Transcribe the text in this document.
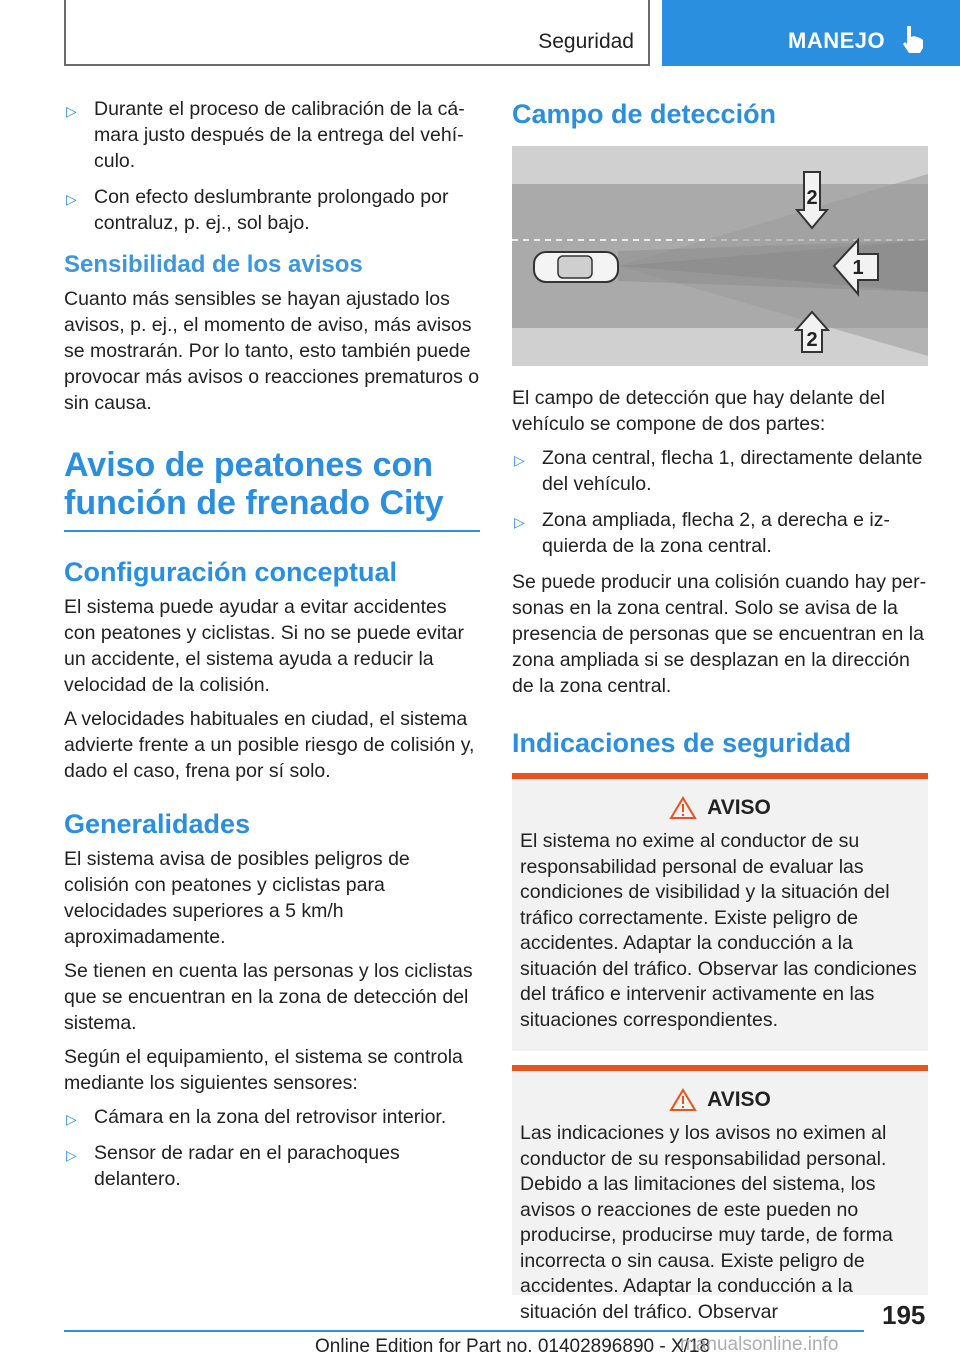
Seguridad	MANEJO
▷ Durante el proceso de calibración de la cámara justo después de la entrega del vehículo.
▷ Con efecto deslumbrante prolongado por contraluz, p. ej., sol bajo.
Sensibilidad de los avisos

Cuanto más sensibles se hayan ajustado los avisos, p. ej., el momento de aviso, más avisos se mostrarán. Por lo tanto, esto también puede provocar más avisos o reacciones prematuros o sin causa.

Aviso de peatones con función de frenado City
Configuración conceptual

El sistema puede ayudar a evitar accidentes con peatones y ciclistas. Si no se puede evitar un accidente, el sistema ayuda a reducir la velocidad de la colisión.

A velocidades habituales en ciudad, el sistema advierte frente a un posible riesgo de colisión y, dado el caso, frena por sí solo.

Generalidades

El sistema avisa de posibles peligros de colisión con peatones y ciclistas para velocidades superiores a 5 km/h aproximadamente.

Se tienen en cuenta las personas y los ciclistas que se encuentran en la zona de detección del sistema.

Según el equipamiento, el sistema se controla mediante los siguientes sensores:

▷ Cámara en la zona del retrovisor interior.
▷ Sensor de radar en el parachoques delantero.
Campo de detección
2
1
2

El campo de detección que hay delante del vehículo se compone de dos partes:

▷ Zona central, flecha 1, directamente delante del vehículo.
▷ Zona ampliada, flecha 2, a derecha e izquierda de la zona central.

Se puede producir una colisión cuando hay personas en la zona central. Solo se avisa de la presencia de personas que se encuentran en la zona ampliada si se desplazan en la dirección de la zona central.

Indicaciones de seguridad
AVISO

El sistema no exime al conductor de su responsabilidad personal de evaluar las condiciones de visibilidad y la situación del tráfico correctamente. Existe peligro de accidentes. Adaptar la conducción a la situación del tráfico. Observar las condiciones del tráfico e intervenir activamente en las situaciones correspondientes.

AVISO

Las indicaciones y los avisos no eximen al conductor de su responsabilidad personal. Debido a las limitaciones del sistema, los avisos o reacciones de este pueden no producirse, producirse muy tarde, de forma incorrecta o sin causa. Existe peligro de accidentes. Adaptar la conducción a la situación del tráfico. Observar	195
Online Edition for Part no. 01402896890 - X/18
manualsonline.info
